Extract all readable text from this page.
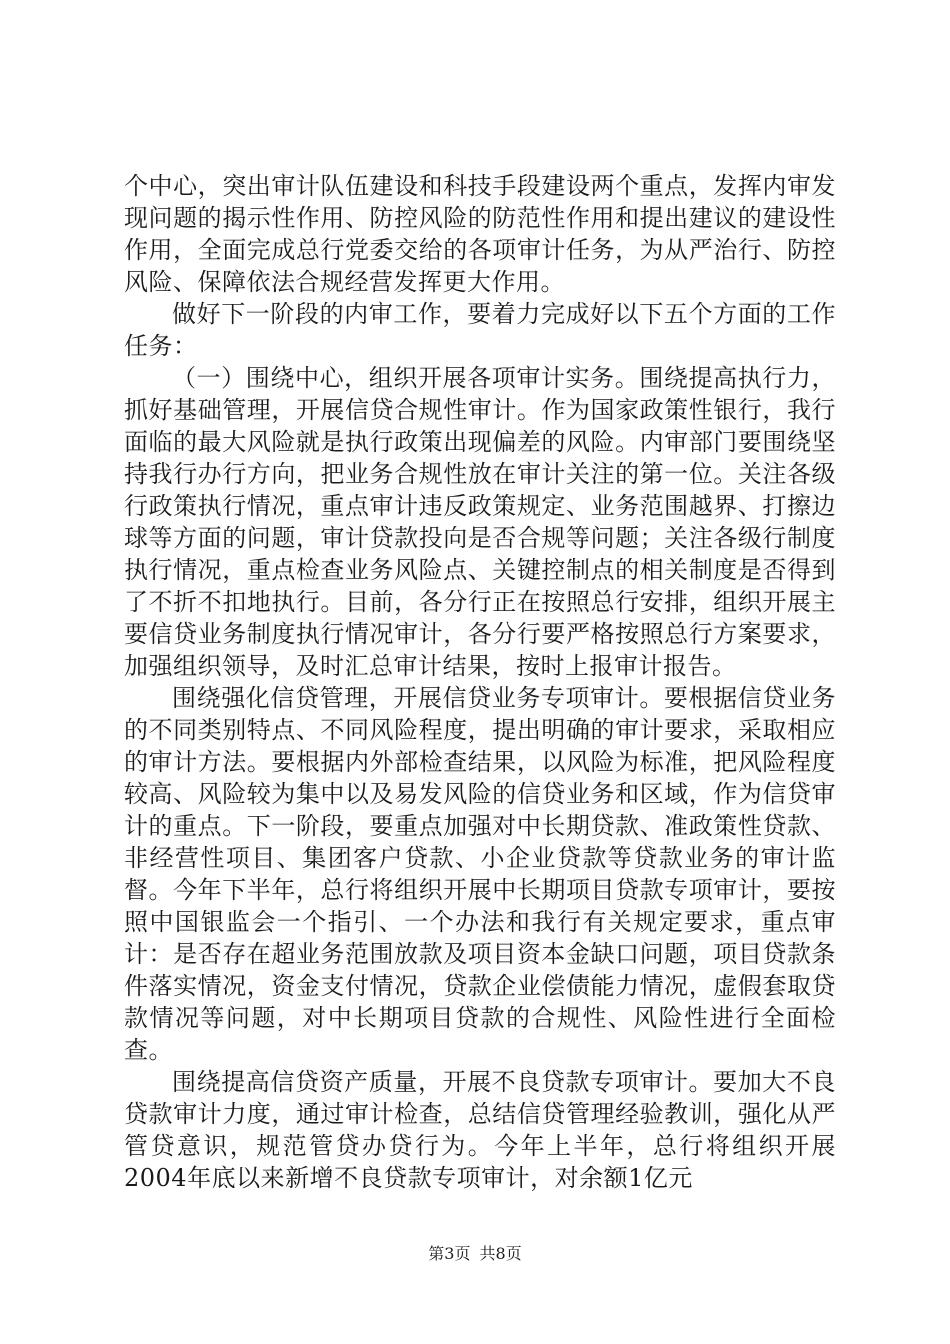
个中心，突出审计队伍建设和科技手段建设两个重点，发挥内审发现问题的揭示性作用、防控风险的防范性作用和提出建议的建设性作用，全面完成总行党委交给的各项审计任务，为从严治行、防控风险、保障依法合规经营发挥更大作用。

做好下一阶段的内审工作，要着力完成好以下五个方面的工作任务：

（一）围绕中心，组织开展各项审计实务。围绕提高执行力，抓好基础管理，开展信贷合规性审计。作为国家政策性银行，我行面临的最大风险就是执行政策出现偏差的风险。内审部门要围绕坚持我行办行方向，把业务合规性放在审计关注的第一位。关注各级行政策执行情况，重点审计违反政策规定、业务范围越界、打擦边球等方面的问题，审计贷款投向是否合规等问题；关注各级行制度执行情况，重点检查业务风险点、关键控制点的相关制度是否得到了不折不扣地执行。目前，各分行正在按照总行安排，组织开展主要信贷业务制度执行情况审计，各分行要严格按照总行方案要求，加强组织领导，及时汇总审计结果，按时上报审计报告。

围绕强化信贷管理，开展信贷业务专项审计。要根据信贷业务的不同类别特点、不同风险程度，提出明确的审计要求，采取相应的审计方法。要根据内外部检查结果，以风险为标准，把风险程度较高、风险较为集中以及易发风险的信贷业务和区域，作为信贷审计的重点。下一阶段，要重点加强对中长期贷款、准政策性贷款、非经营性项目、集团客户贷款、小企业贷款等贷款业务的审计监督。今年下半年，总行将组织开展中长期项目贷款专项审计，要按照中国银监会一个指引、一个办法和我行有关规定要求，重点审计：是否存在超业务范围放款及项目资本金缺口问题，项目贷款条件落实情况，资金支付情况，贷款企业偿债能力情况，虚假套取贷款情况等问题，对中长期项目贷款的合规性、风险性进行全面检查。

围绕提高信贷资产质量，开展不良贷款专项审计。要加大不良贷款审计力度，通过审计检查，总结信贷管理经验教训，强化从严管贷意识，规范管贷办贷行为。今年上半年，总行将组织开展2004年底以来新增不良贷款专项审计，对余额1亿元

第3页 共8页
